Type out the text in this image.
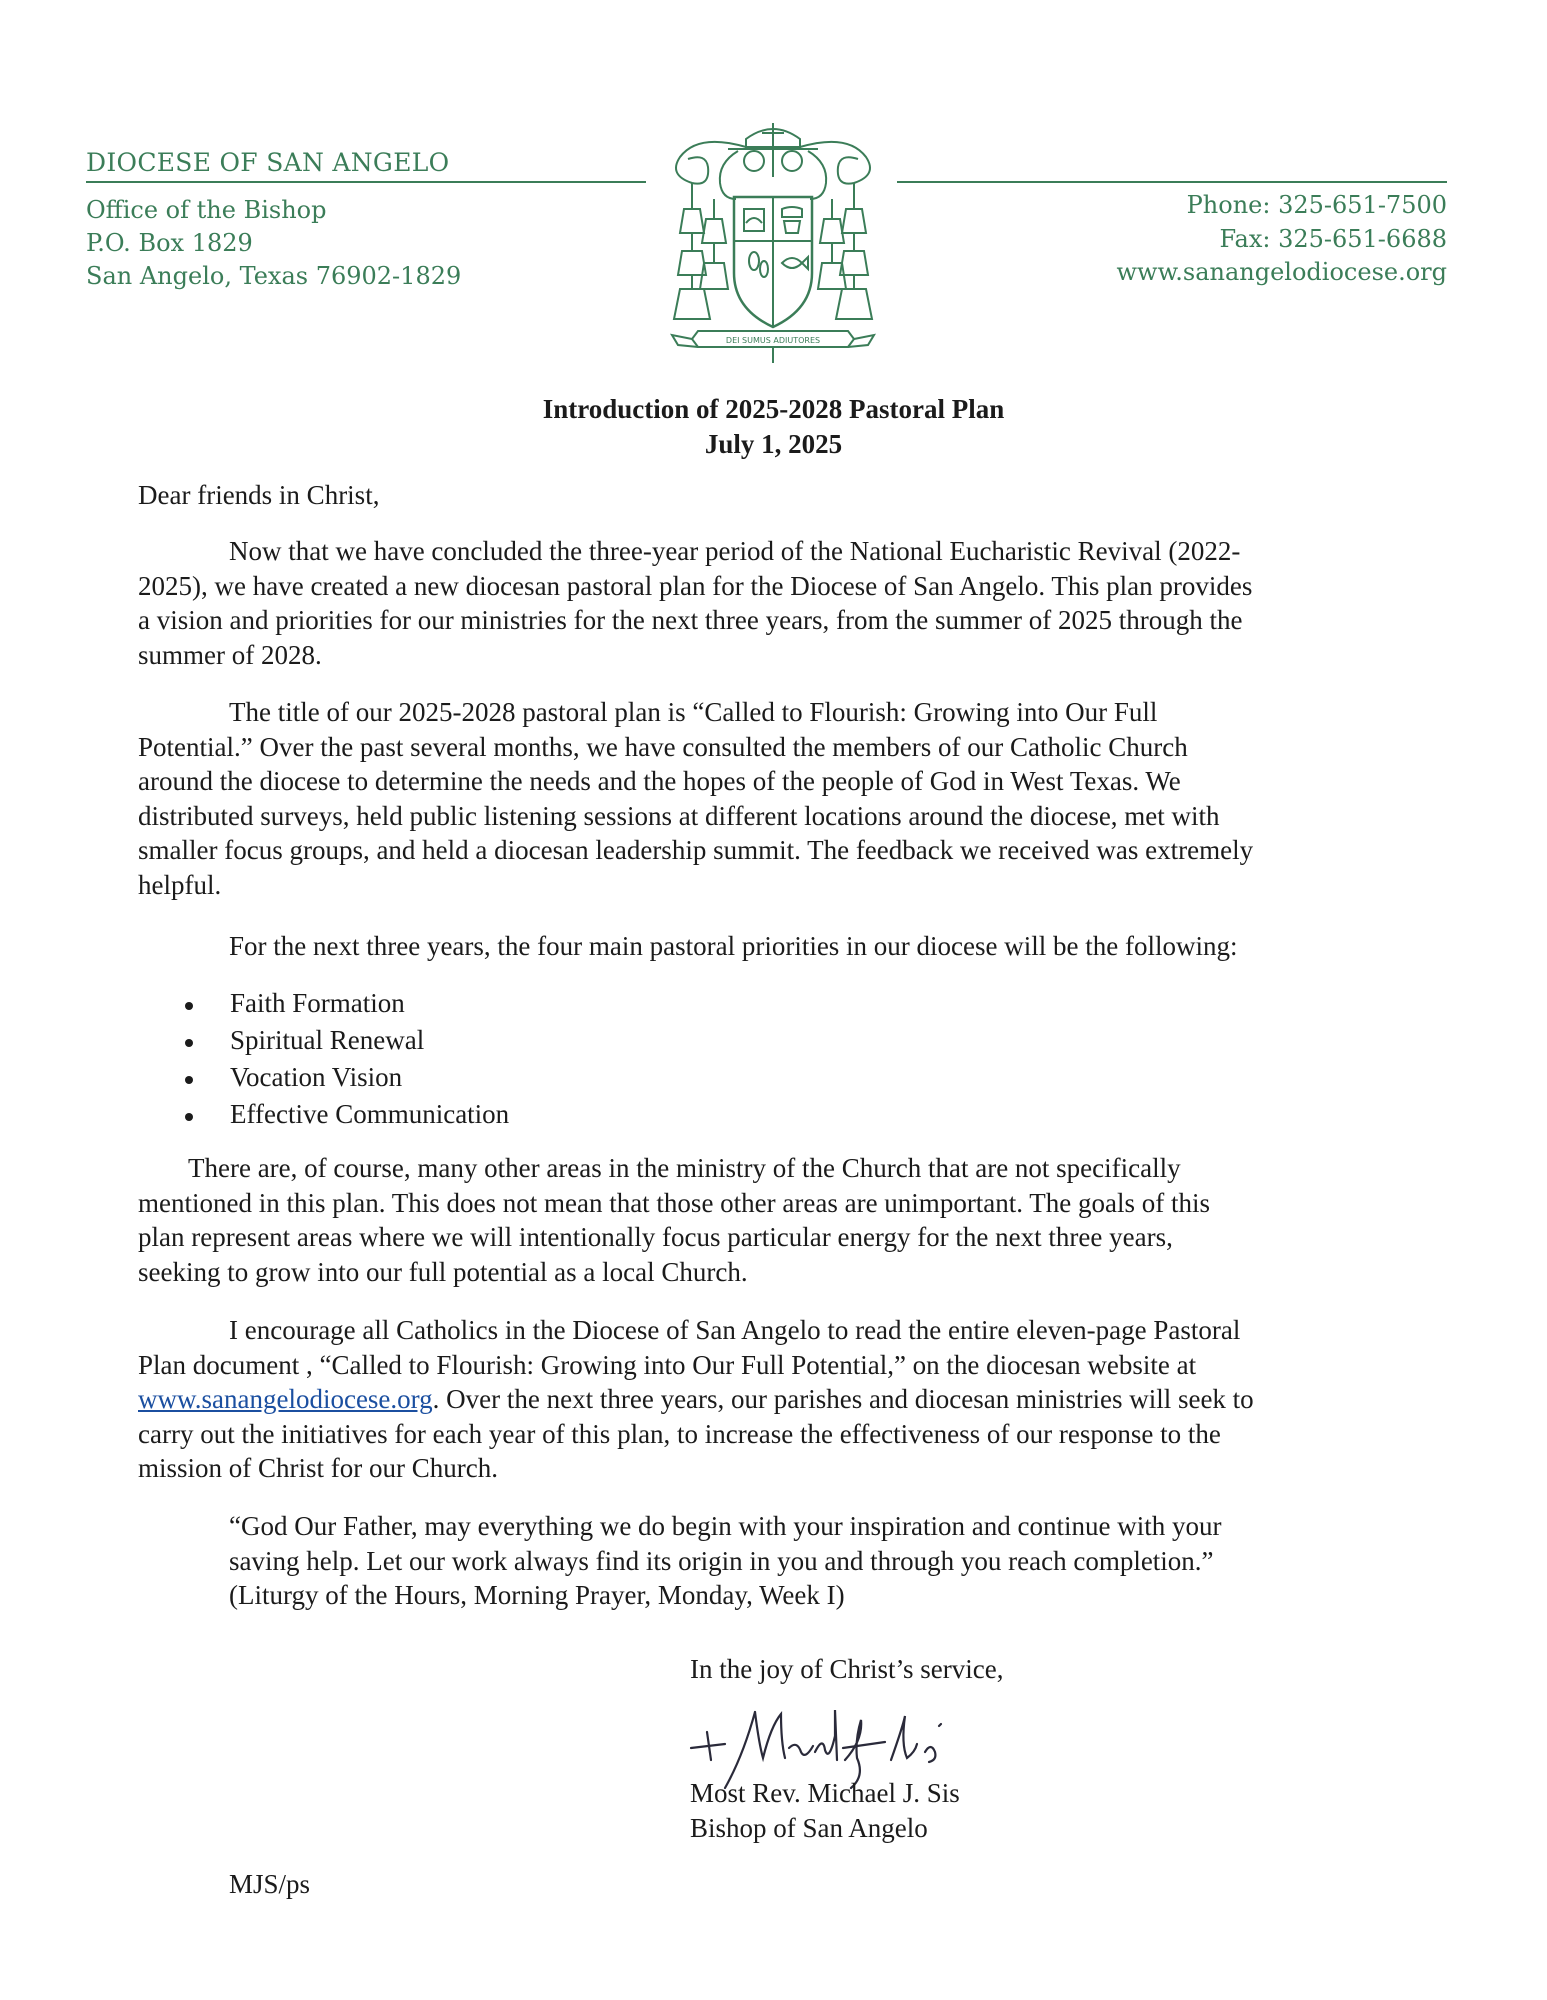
DIOCESE OF SAN ANGELO
Office of the Bishop
P.O. Box 1829
San Angelo, Texas 76902-1829
Phone: 325-651-7500
Fax: 325-651-6688
www.sanangelodiocese.org
DEI SUMUS ADIUTORES
Introduction of 2025-2028 Pastoral Plan
July 1, 2025
Dear friends in Christ,
Now that we have concluded the three-year period of the National Eucharistic Revival (2022-
2025), we have created a new diocesan pastoral plan for the Diocese of San Angelo. This plan provides
a vision and priorities for our ministries for the next three years, from the summer of 2025 through the
summer of 2028.
The title of our 2025-2028 pastoral plan is “Called to Flourish: Growing into Our Full
Potential.” Over the past several months, we have consulted the members of our Catholic Church
around the diocese to determine the needs and the hopes of the people of God in West Texas. We
distributed surveys, held public listening sessions at different locations around the diocese, met with
smaller focus groups, and held a diocesan leadership summit. The feedback we received was extremely
helpful.
For the next three years, the four main pastoral priorities in our diocese will be the following:
Faith Formation
Spiritual Renewal
Vocation Vision
Effective Communication
There are, of course, many other areas in the ministry of the Church that are not specifically
mentioned in this plan. This does not mean that those other areas are unimportant. The goals of this
plan represent areas where we will intentionally focus particular energy for the next three years,
seeking to grow into our full potential as a local Church.
I encourage all Catholics in the Diocese of San Angelo to read the entire eleven-page Pastoral
Plan document , “Called to Flourish: Growing into Our Full Potential,” on the diocesan website at
www.sanangelodiocese.org. Over the next three years, our parishes and diocesan ministries will seek to
carry out the initiatives for each year of this plan, to increase the effectiveness of our response to the
mission of Christ for our Church.
“God Our Father, may everything we do begin with your inspiration and continue with your
saving help. Let our work always find its origin in you and through you reach completion.”
(Liturgy of the Hours, Morning Prayer, Monday, Week I)
In the joy of Christ’s service,
Most Rev. Michael J. Sis
Bishop of San Angelo
MJS/ps
